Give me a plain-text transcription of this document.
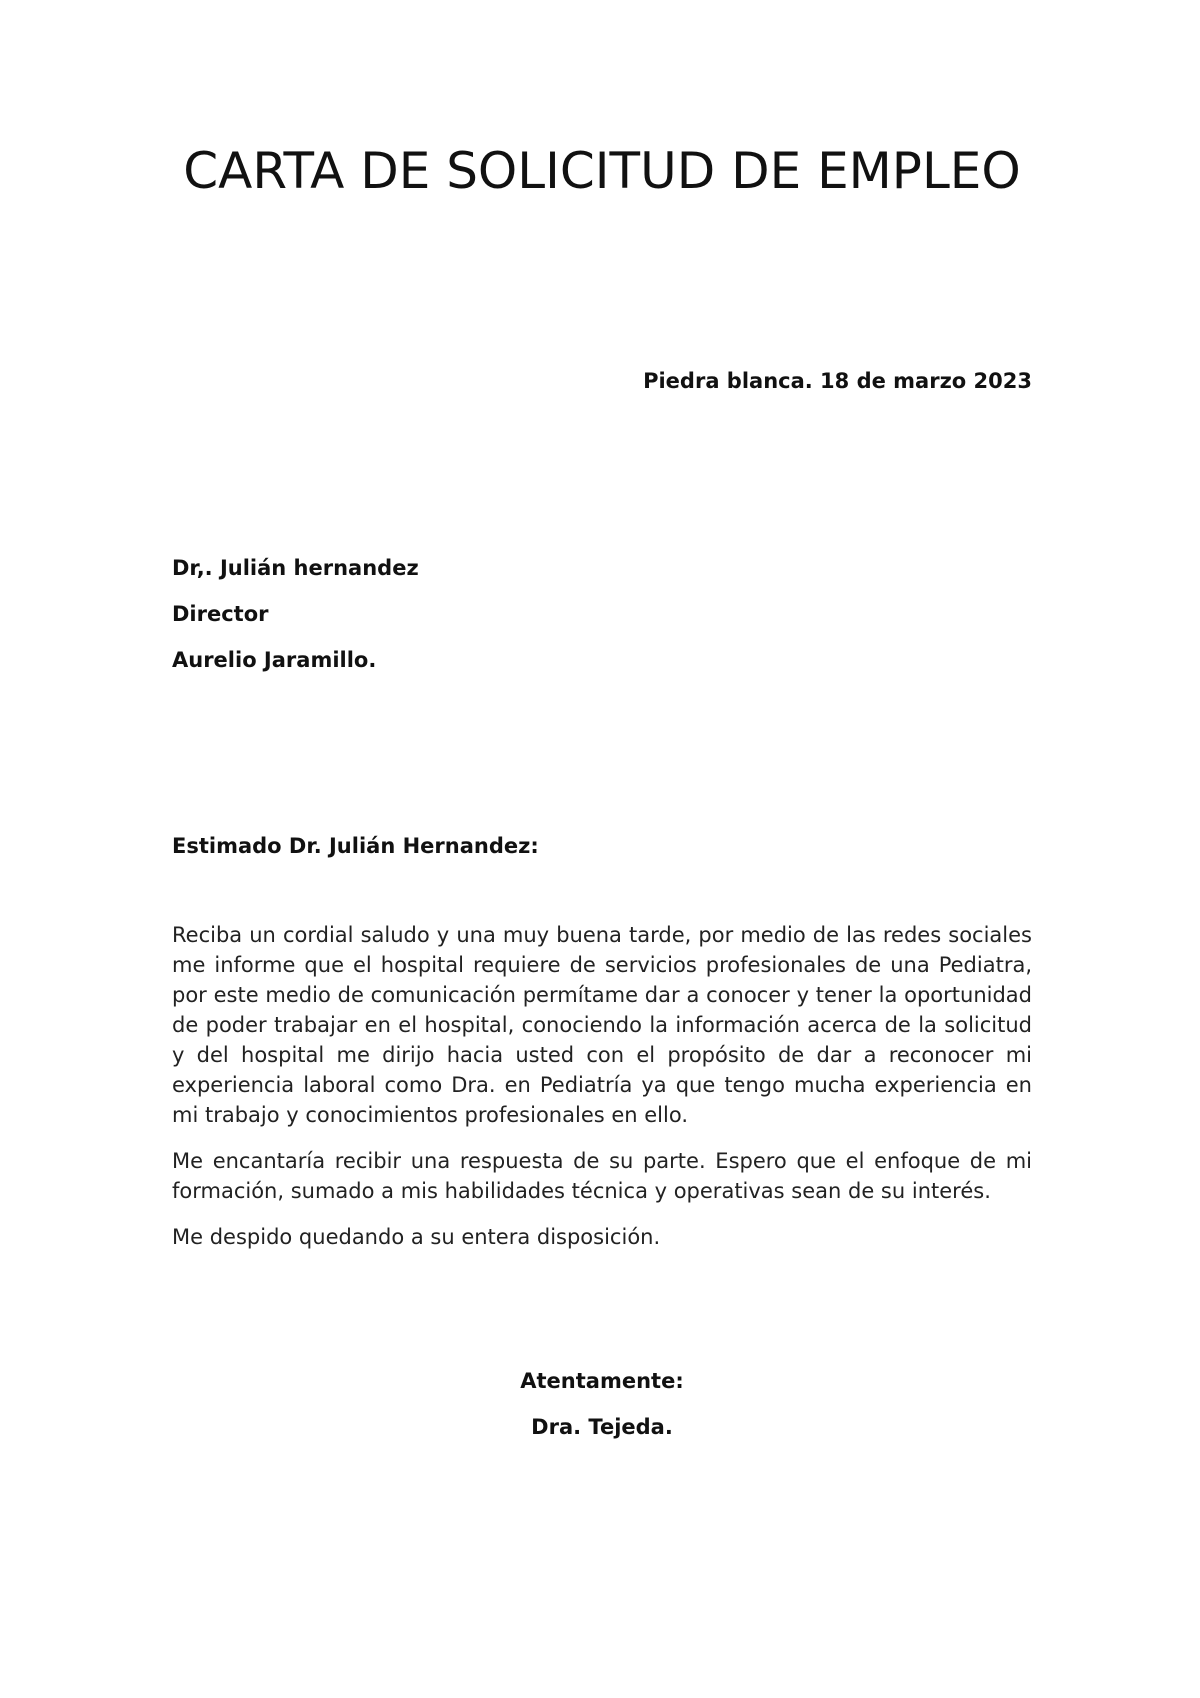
CARTA DE SOLICITUD DE EMPLEO
Piedra blanca. 18 de marzo 2023
Dr,. Julián hernandez
Director
Aurelio Jaramillo.
Estimado Dr. Julián Hernandez:

Reciba un cordial saludo y una muy buena tarde, por medio de las redes sociales me informe que el hospital requiere de servicios profesionales de una Pediatra, por este medio de comunicación permítame dar a conocer y tener la oportunidad de poder trabajar en el hospital, conociendo la información acerca de la solicitud y del hospital me dirijo hacia usted con el propósito de dar a reconocer mi experiencia laboral como Dra. en Pediatría ya que tengo mucha experiencia en mi trabajo y conocimientos profesionales en ello.

Me encantaría recibir una respuesta de su parte. Espero que el enfoque de mi formación, sumado a mis habilidades técnica y operativas sean de su interés.

Me despido quedando a su entera disposición.

Atentamente:
Dra. Tejeda.
